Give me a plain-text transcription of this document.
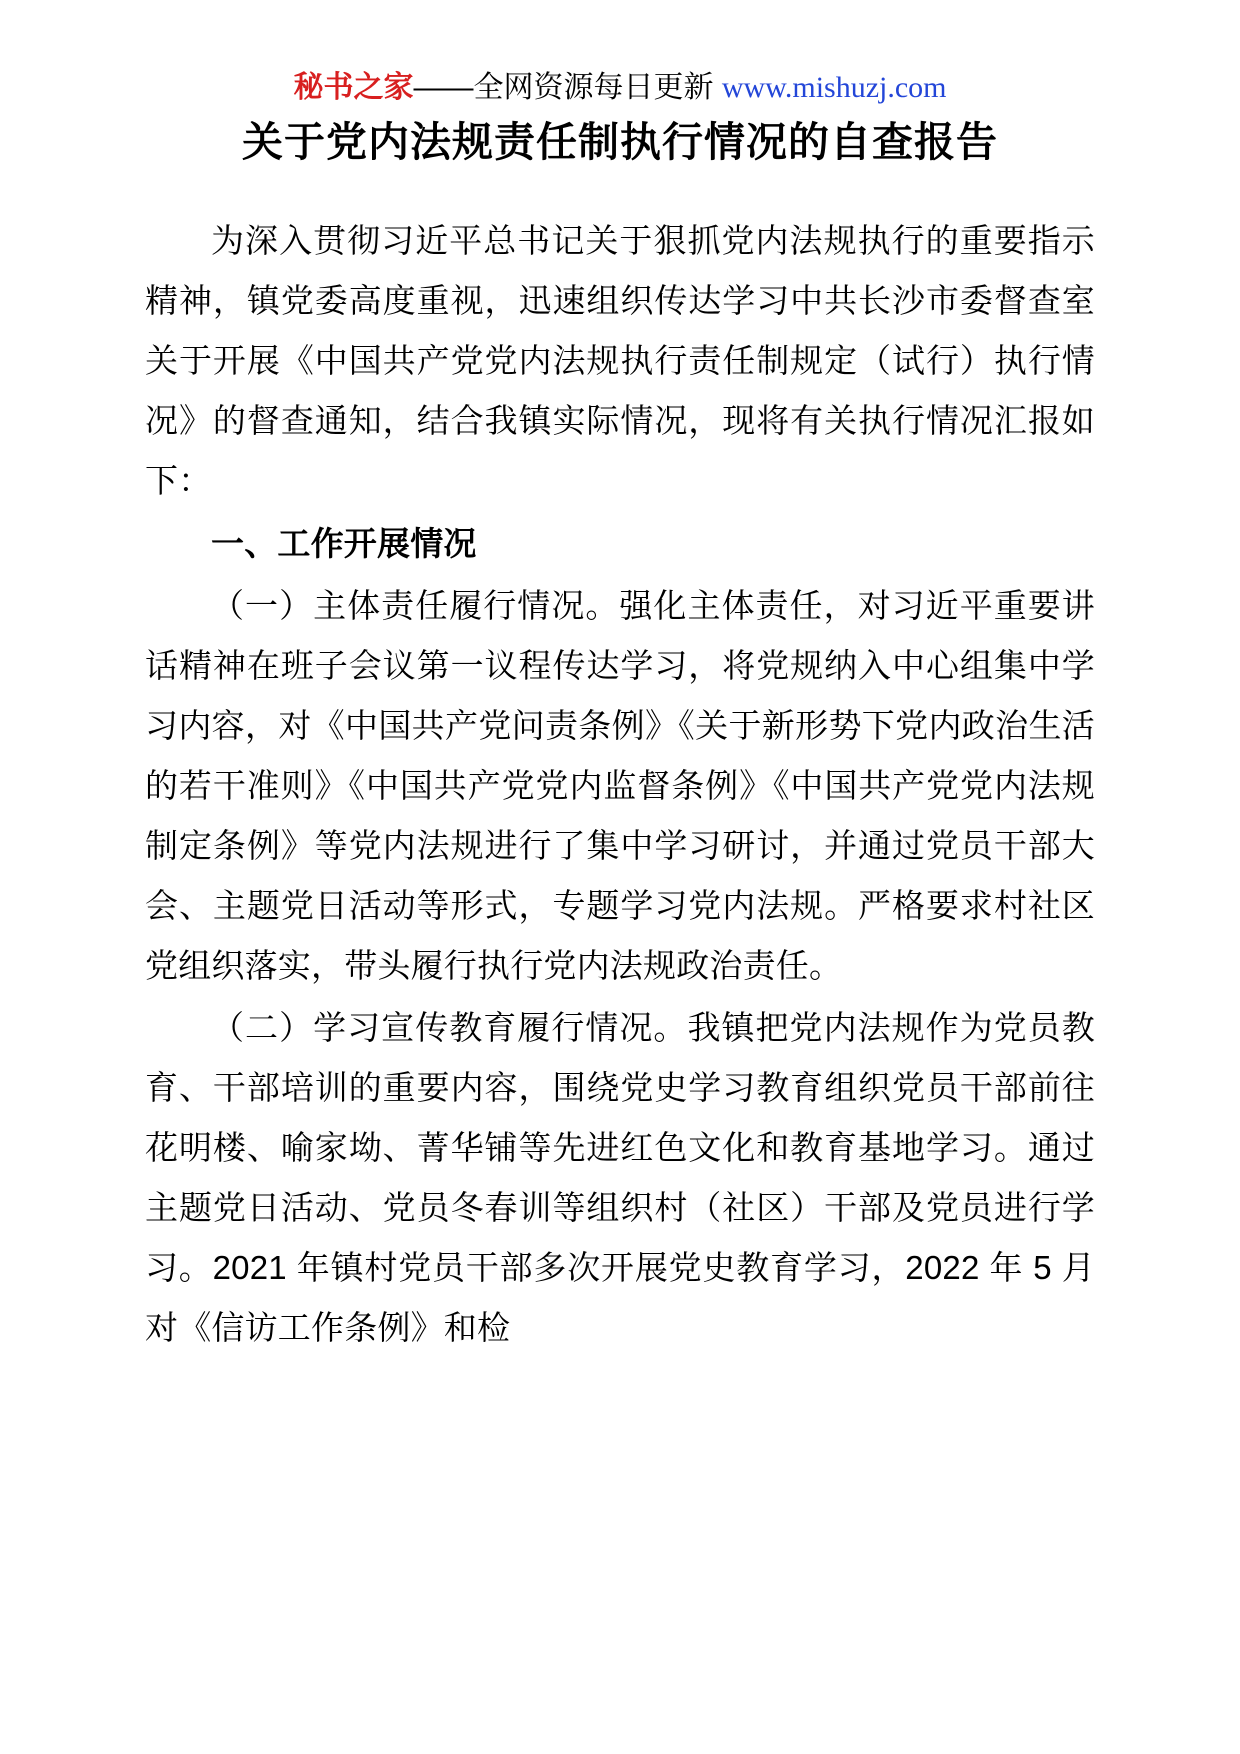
秘书之家——全网资源每日更新 www.mishuzj.com
关于党内法规责任制执行情况的自查报告

为深入贯彻习近平总书记关于狠抓党内法规执行的重要指示精神，镇党委高度重视，迅速组织传达学习中共长沙市委督查室关于开展《中国共产党党内法规执行责任制规定（试行）执行情况》的督查通知，结合我镇实际情况，现将有关执行情况汇报如下：

一、工作开展情况

（一）主体责任履行情况。强化主体责任，对习近平重要讲话精神在班子会议第一议程传达学习，将党规纳入中心组集中学习内容，对《中国共产党问责条例》《关于新形势下党内政治生活的若干准则》《中国共产党党内监督条例》《中国共产党党内法规制定条例》等党内法规进行了集中学习研讨，并通过党员干部大会、主题党日活动等形式，专题学习党内法规。严格要求村社区党组织落实，带头履行执行党内法规政治责任。

（二）学习宣传教育履行情况。我镇把党内法规作为党员教育、干部培训的重要内容，围绕党史学习教育组织党员干部前往花明楼、喻家坳、菁华铺等先进红色文化和教育基地学习。通过主题党日活动、党员冬春训等组织村（社区）干部及党员进行学习。2021 年镇村党员干部多次开展党史教育学习，2022 年 5 月对《信访工作条例》和检
